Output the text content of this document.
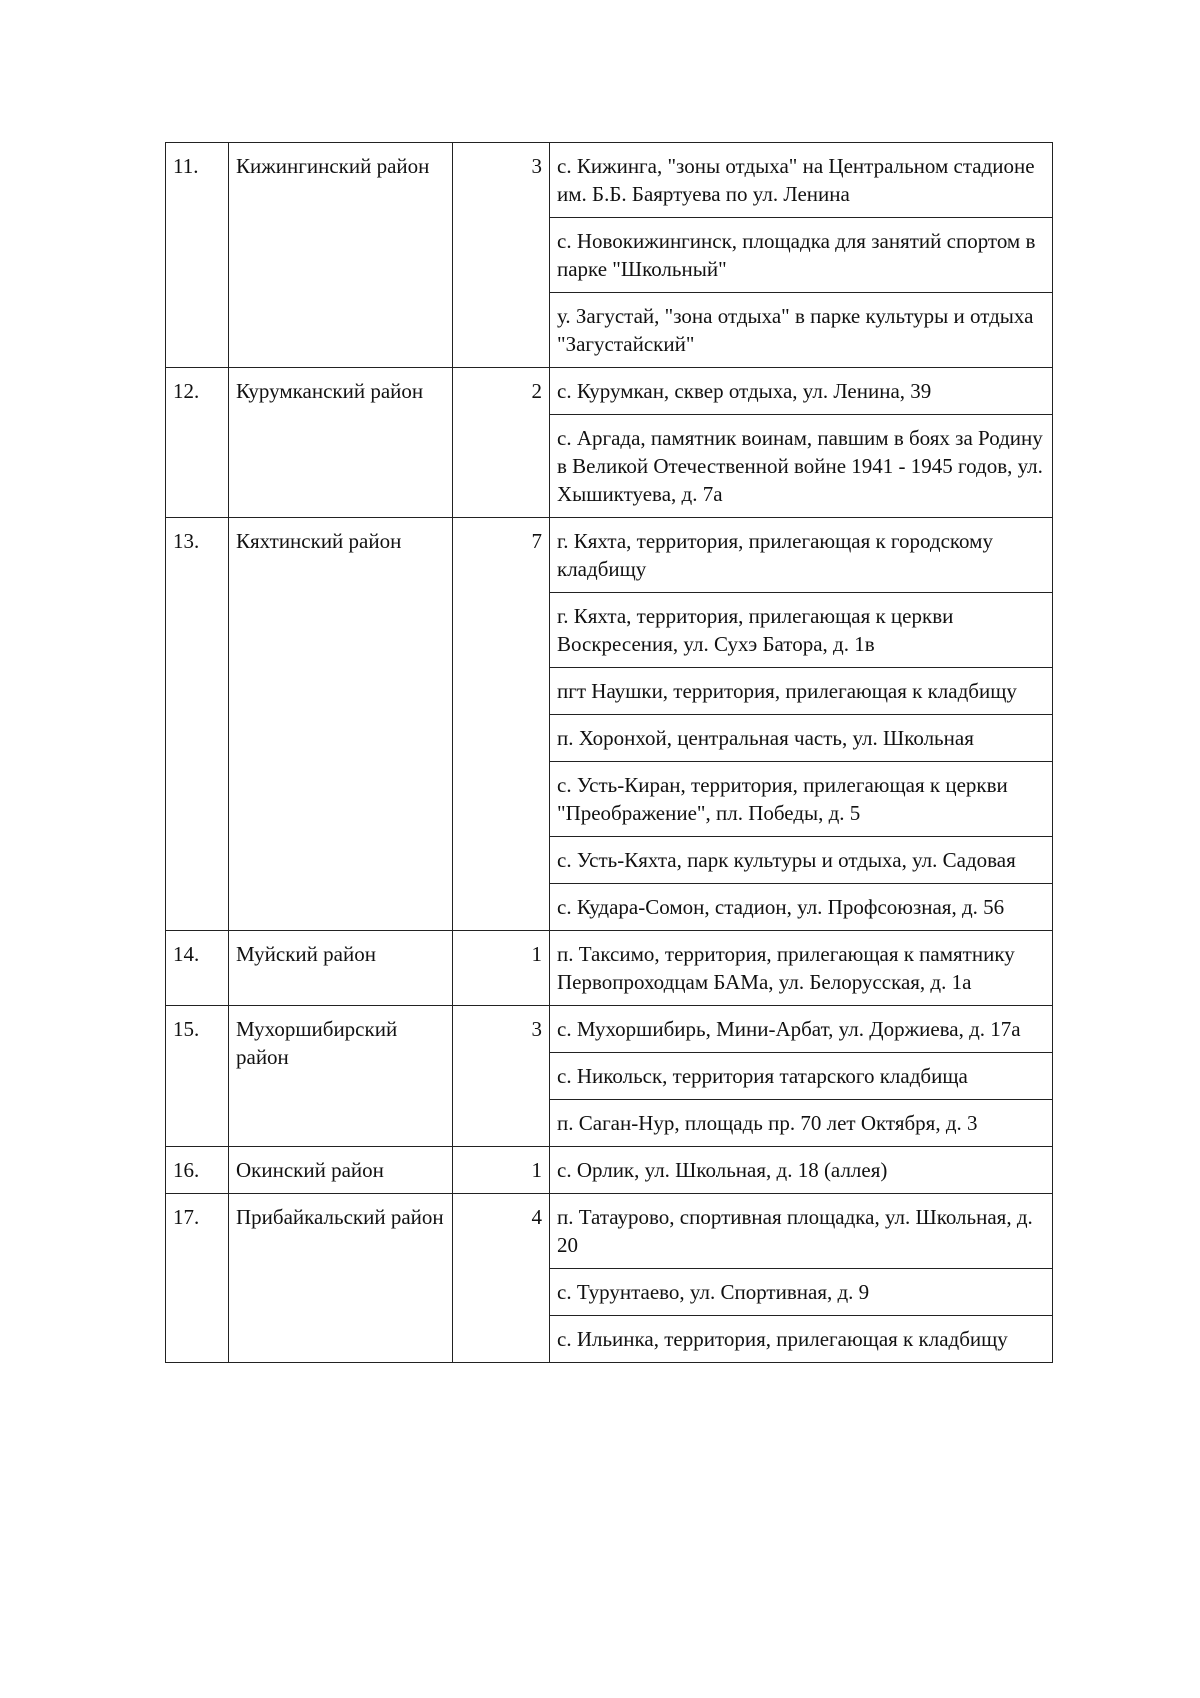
11.	Кижингинский район	3	с. Кижинга, "зоны отдыха" на Центральном стадионе им. Б.Б. Баяртуева по ул. Ленина
			с. Новокижингинск, площадка для занятий спортом в парке "Школьный"
			у. Загустай, "зона отдыха" в парке культуры и отдыха "Загустайский"
12.	Курумканский район	2	с. Курумкан, сквер отдыха, ул. Ленина, 39
			с. Аргада, памятник воинам, павшим в боях за Родину в Великой Отечественной войне 1941 - 1945 годов, ул. Хышиктуева, д. 7а
13.	Кяхтинский район	7	г. Кяхта, территория, прилегающая к городскому кладбищу
			г. Кяхта, территория, прилегающая к церкви Воскресения, ул. Сухэ Батора, д. 1в
			пгт Наушки, территория, прилегающая к кладбищу
			п. Хоронхой, центральная часть, ул. Школьная
			с. Усть-Киран, территория, прилегающая к церкви "Преображение", пл. Победы, д. 5
			с. Усть-Кяхта, парк культуры и отдыха, ул. Садовая
			с. Кудара-Сомон, стадион, ул. Профсоюзная, д. 56
14.	Муйский район	1	п. Таксимо, территория, прилегающая к памятнику Первопроходцам БАМа, ул. Белорусская, д. 1а
15.	Мухоршибирский район	3	с. Мухоршибирь, Мини-Арбат, ул. Доржиева, д. 17а
			с. Никольск, территория татарского кладбища
			п. Саган-Нур, площадь пр. 70 лет Октября, д. 3
16.	Окинский район	1	с. Орлик, ул. Школьная, д. 18 (аллея)
17.	Прибайкальский район	4	п. Татаурово, спортивная площадка, ул. Школьная, д. 20
			с. Турунтаево, ул. Спортивная, д. 9
			с. Ильинка, территория, прилегающая к кладбищу
